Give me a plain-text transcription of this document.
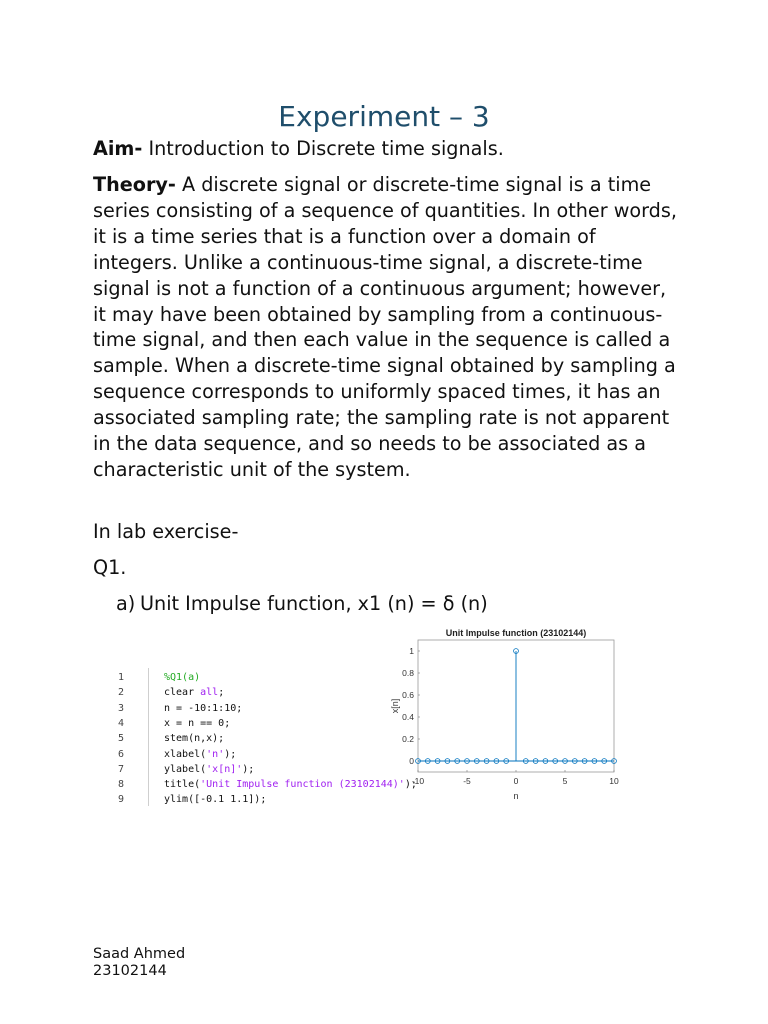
Experiment – 3
Aim- Introduction to Discrete time signals.
Theory- A discrete signal or discrete-time signal is a time series consisting of a sequence of quantities. In other words, it is a time series that is a function over a domain of integers. Unlike a continuous-time signal, a discrete-time signal is not a function of a continuous argument; however, it may have been obtained by sampling from a continuous-time signal, and then each value in the sequence is called a sample. When a discrete-time signal obtained by sampling a sequence corresponds to uniformly spaced times, it has an associated sampling rate; the sampling rate is not apparent in the data sequence, and so needs to be associated as a characteristic unit of the system.
In lab exercise-
Q1.
a) Unit Impulse function, x1 (n) = δ (n)
1	%Q1(a)
2	clear all;
3	n = -10:1:10;
4	x = n == 0;
5	stem(n,x);
6	xlabel('n');
7	ylabel('x[n]');
8	title('Unit Impulse function (23102144)');
9	ylim([-0.1 1.1]);
Unit Impulse function (23102144)
-10	-5	0	5	10
0
0.2
0.4
0.6
0.8
1
n
x[n]
Saad Ahmed
23102144
